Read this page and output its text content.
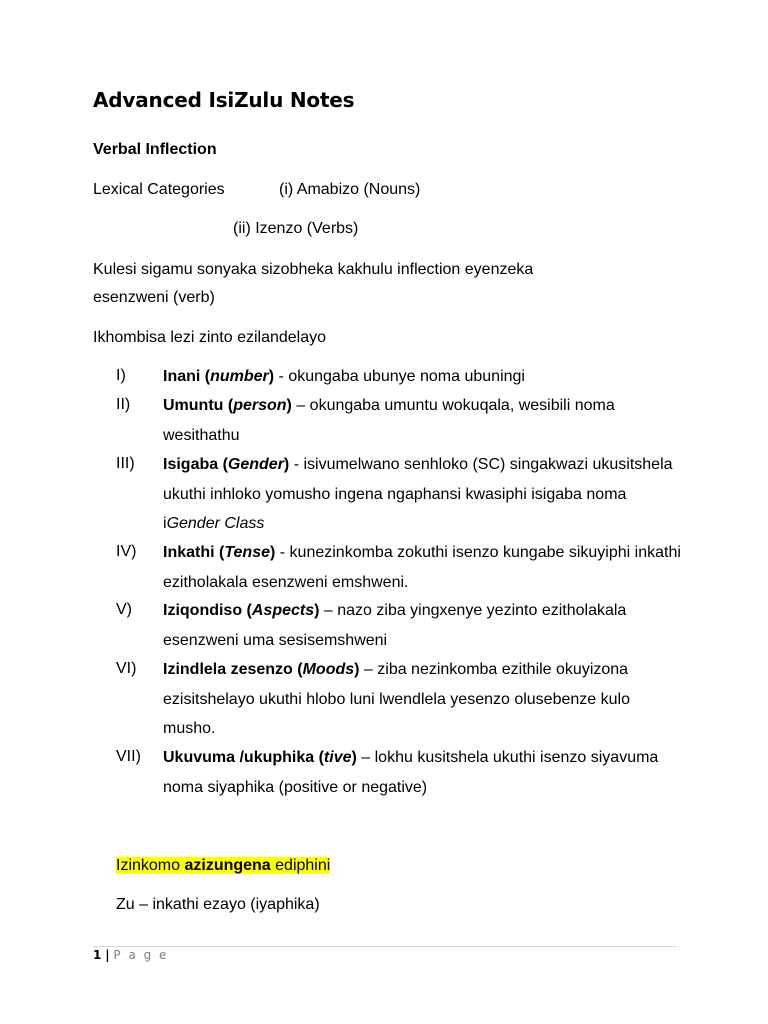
Advanced IsiZulu Notes
Verbal Inflection
Lexical Categories	(i) Amabizo (Nouns)
(ii) Izenzo (Verbs)
Kulesi sigamu sonyaka sizobheka kakhulu inflection eyenzeka
esenzweni (verb)
Ikhombisa lezi zinto ezilandelayo
I) Inani (number) - okungaba ubunye noma ubuningi
II) Umuntu (person) – okungaba umuntu wokuqala, wesibili noma wesithathu
III) Isigaba (Gender) - isivumelwano senhloko (SC) singakwazi ukusitshela ukuthi inhloko yomusho ingena ngaphansi kwasiphi isigaba noma iGender Class
IV) Inkathi (Tense) - kunezinkomba zokuthi isenzo kungabe sikuyiphi inkathi ezitholakala esenzweni emshweni.
V) Iziqondiso (Aspects) – nazo ziba yingxenye yezinto ezitholakala esenzweni uma sesisemshweni
VI) Izindlela zesenzo (Moods) – ziba nezinkomba ezithile okuyizona ezisitshelayo ukuthi hlobo luni lwendlela yesenzo olusebenze kulo musho.
VII) Ukuvuma /ukuphika (tive) – lokhu kusitshela ukuthi isenzo siyavuma noma siyaphika (positive or negative)
Izinkomo azizungena ediphini
Zu – inkathi ezayo (iyaphika)
1 | P a g e
